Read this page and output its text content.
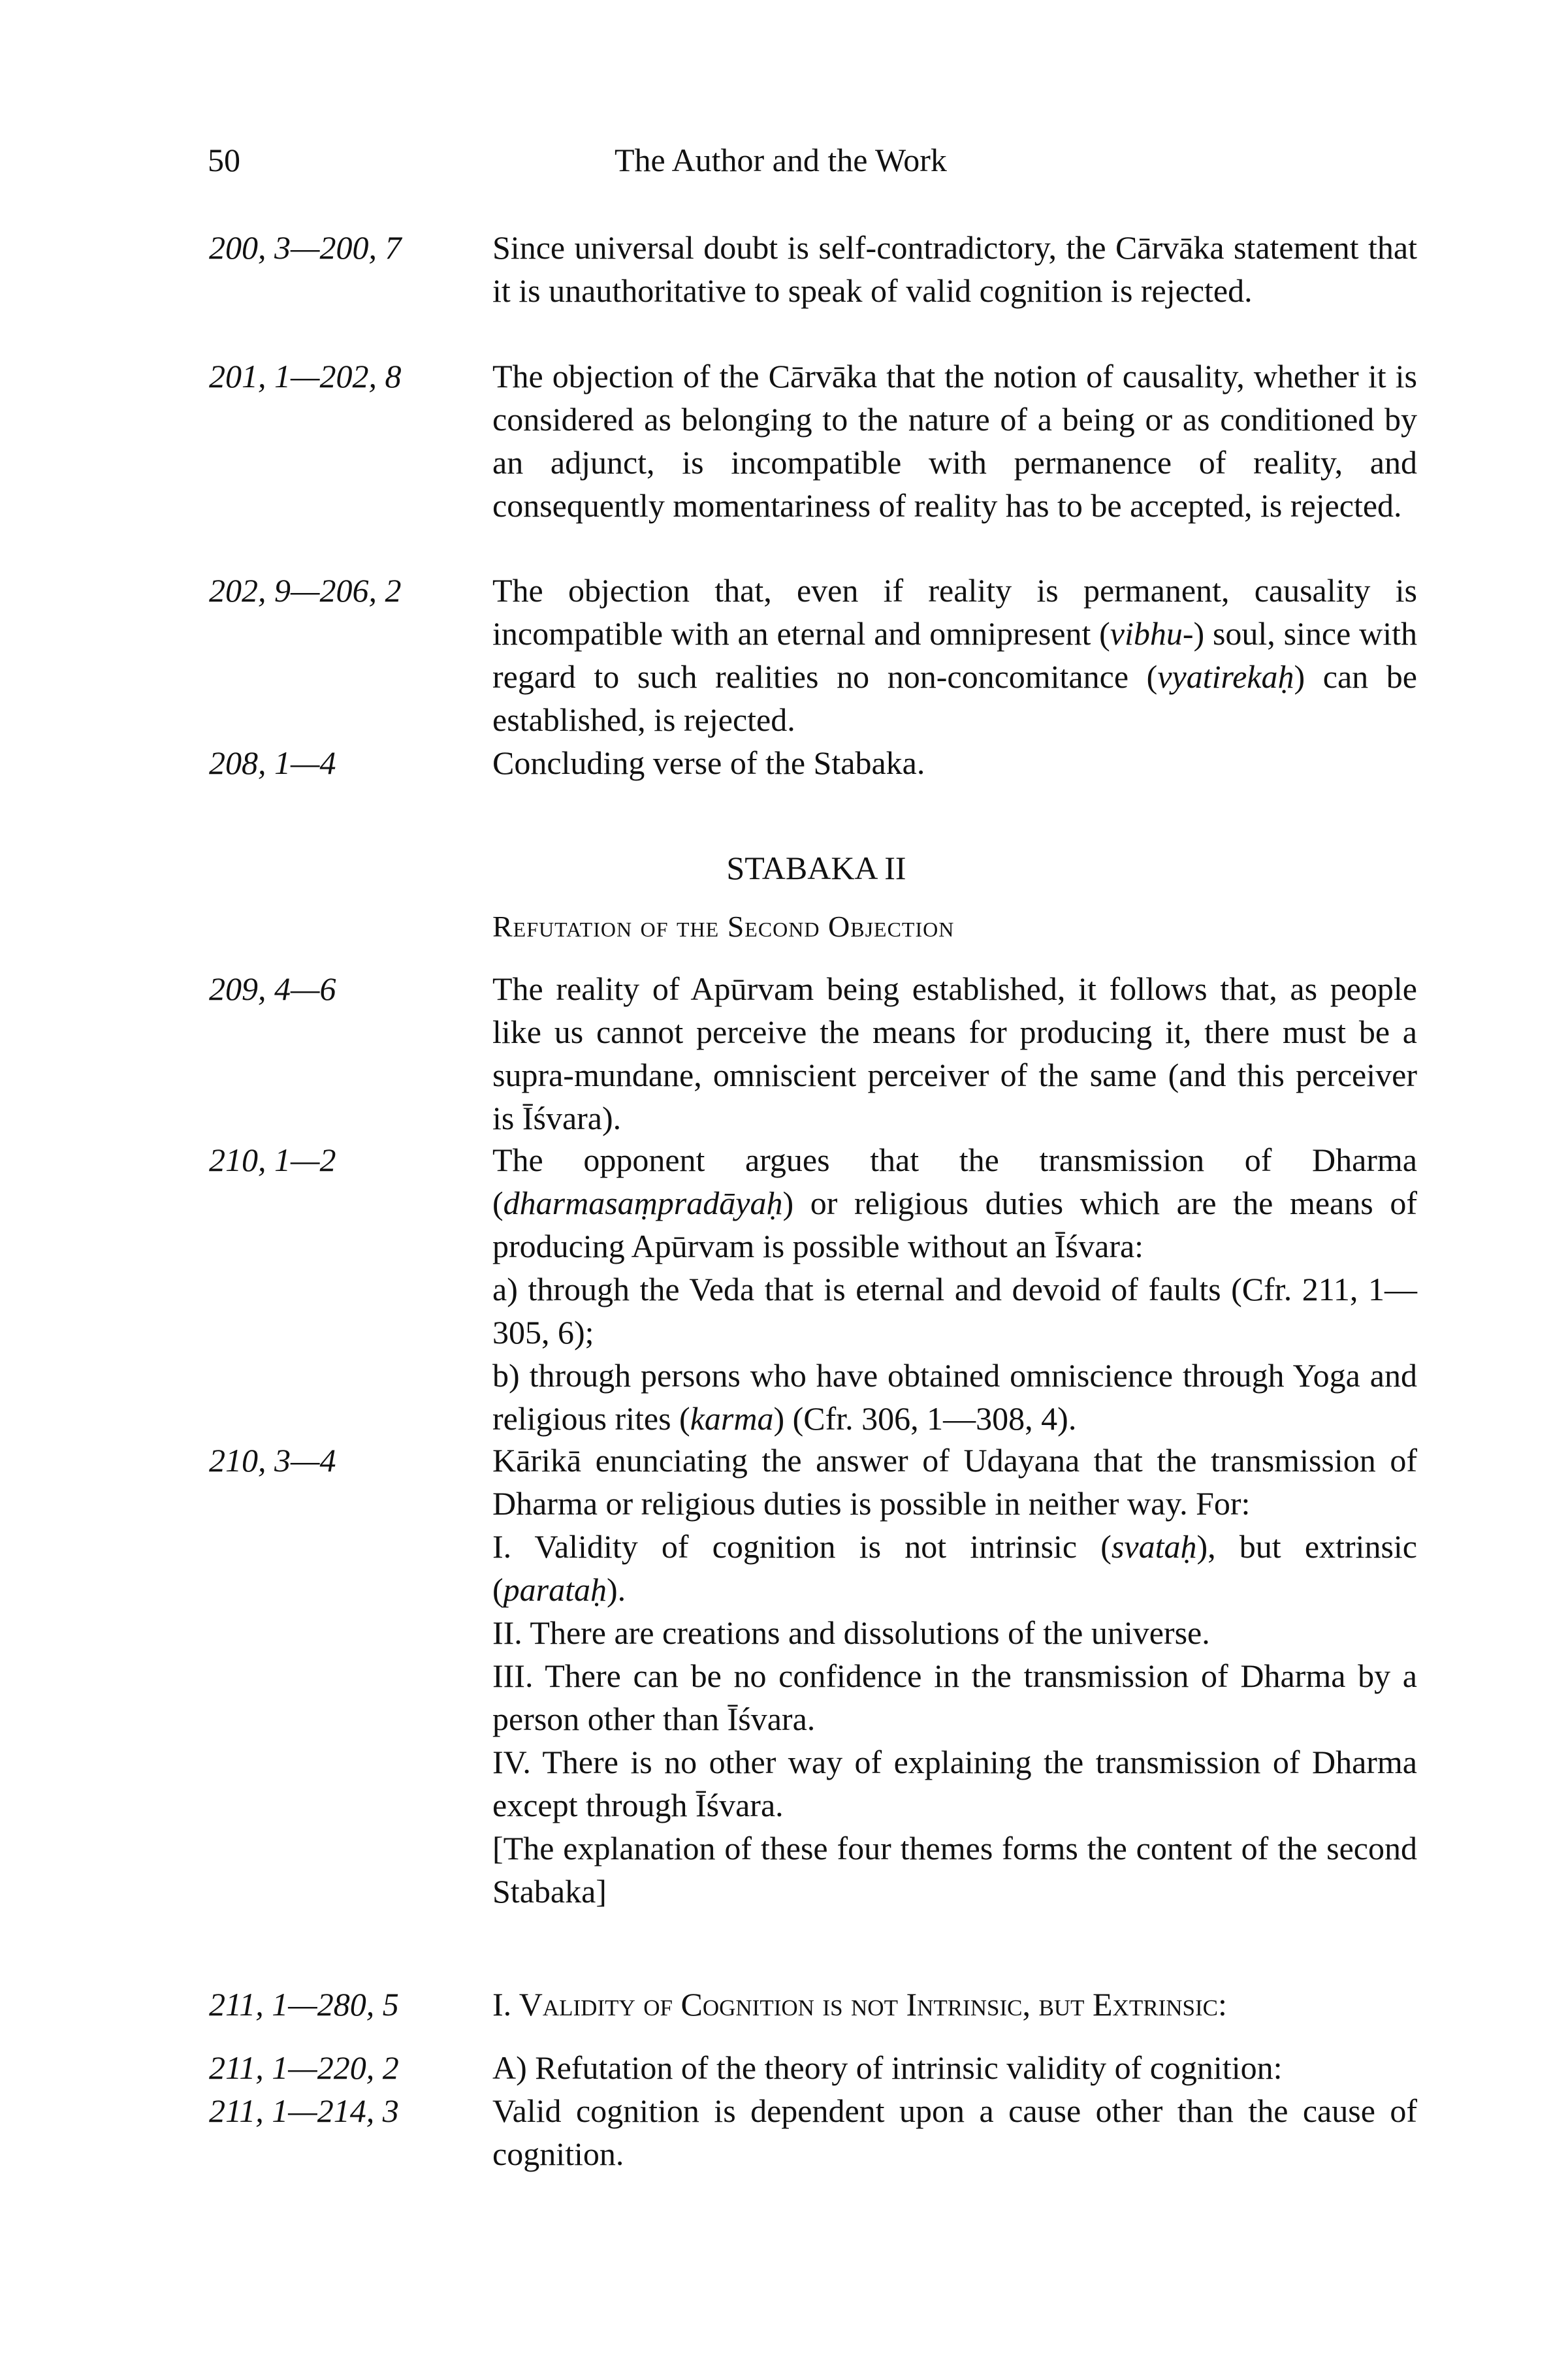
50	The Author and the Work
200, 3—200, 7	Since universal doubt is self-contradictory, the Cārvāka statement that it is unauthoritative to speak of valid cognition is rejected.
201, 1—202, 8	The objection of the Cārvāka that the notion of causality, whether it is considered as belonging to the nature of a being or as conditioned by an adjunct, is incompatible with permanence of reality, and consequently momentariness of reality has to be accepted, is rejected.
202, 9—206, 2	The objection that, even if reality is permanent, causality is incompatible with an eternal and omnipresent (vibhu-) soul, since with regard to such realities no non-concomitance (vyatirekaḥ) can be established, is rejected.
208, 1—4	Concluding verse of the Stabaka.
STABAKA II
Refutation of the Second Objection
209, 4—6	The reality of Apūrvam being established, it follows that, as people like us cannot perceive the means for producing it, there must be a supra-mundane, omniscient perceiver of the same (and this perceiver is Īśvara).
210, 1—2	The opponent argues that the transmission of Dharma (dharmasaṃpradāyaḥ) or religious duties which are the means of producing Apūrvam is possible without an Īśvara:

a) through the Veda that is eternal and devoid of faults (Cfr. 211, 1—305, 6);

b) through persons who have obtained omniscience through Yoga and religious rites (karma) (Cfr. 306, 1—308, 4).

210, 3—4	Kārikā enunciating the answer of Udayana that the transmission of Dharma or religious duties is possible in neither way. For:

I. Validity of cognition is not intrinsic (svataḥ), but extrinsic (parataḥ).

II. There are creations and dissolutions of the universe.

III. There can be no confidence in the transmission of Dharma by a person other than Īśvara.

IV. There is no other way of explaining the transmission of Dharma except through Īśvara.

[The explanation of these four themes forms the content of the second Stabaka]

211, 1—280, 5	I. Validity of Cognition is not Intrinsic, but Extrinsic:
211, 1—220, 2	A) Refutation of the theory of intrinsic validity of cognition:
211, 1—214, 3	Valid cognition is dependent upon a cause other than the cause of cognition.
